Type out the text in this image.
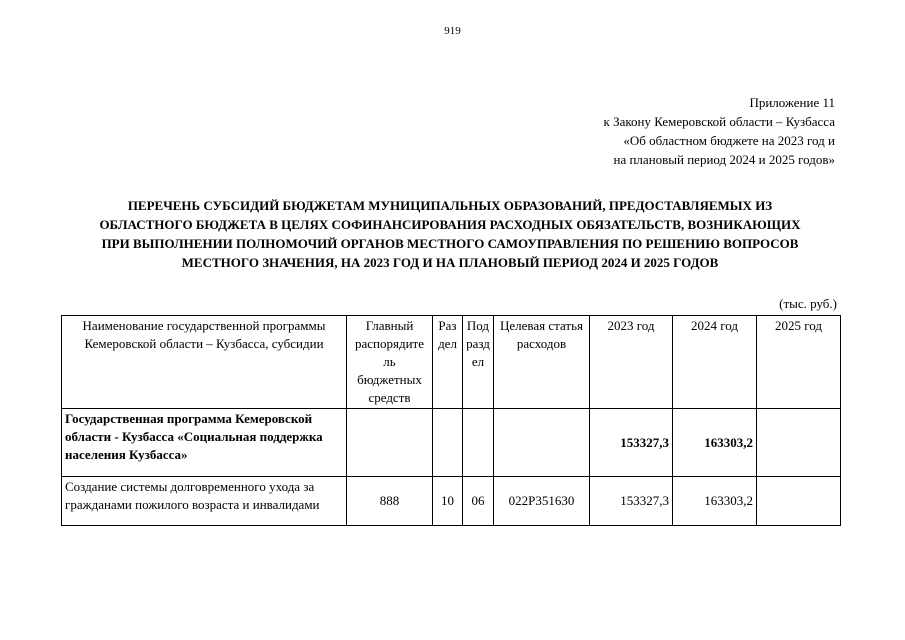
919
Приложение 11
к Закону Кемеровской области – Кузбасса
«Об областном бюджете на 2023 год и
на плановый период 2024 и 2025 годов»
ПЕРЕЧЕНЬ СУБСИДИЙ БЮДЖЕТАМ МУНИЦИПАЛЬНЫХ ОБРАЗОВАНИЙ, ПРЕДОСТАВЛЯЕМЫХ ИЗ
ОБЛАСТНОГО БЮДЖЕТА В ЦЕЛЯХ СОФИНАНСИРОВАНИЯ РАСХОДНЫХ ОБЯЗАТЕЛЬСТВ, ВОЗНИКАЮЩИХ
ПРИ ВЫПОЛНЕНИИ ПОЛНОМОЧИЙ ОРГАНОВ МЕСТНОГО САМОУПРАВЛЕНИЯ ПО РЕШЕНИЮ ВОПРОСОВ
МЕСТНОГО ЗНАЧЕНИЯ, НА 2023 ГОД И НА ПЛАНОВЫЙ ПЕРИОД 2024 И 2025 ГОДОВ
(тыс. руб.)
Наименование государственной программы Кемеровской области – Кузбасса, субсидии	Главный распорядите ль бюджетных средств	Раз дел	Под разд ел	Целевая статья расходов	2023 год	2024 год	2025 год
Государственная программа Кемеровской области - Кузбасса «Социальная поддержка населения Кузбасса»					153327,3	163303,2	
Создание системы долговременного ухода за гражданами пожилого возраста и инвалидами	888	10	06	022P351630	153327,3	163303,2	
